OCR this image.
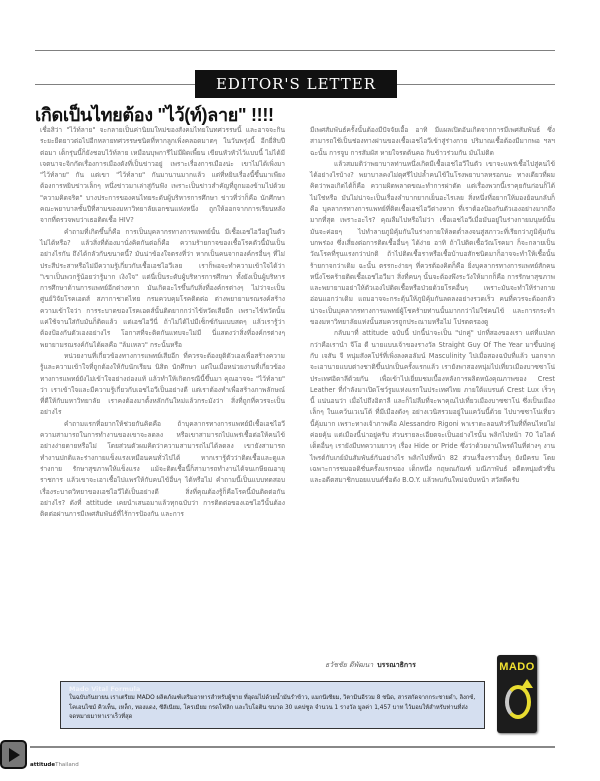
EDITOR'S LETTER
เกิดเป็นไทยต้อง "ไว้(ท์)ลาย" !!!!

เชื่อสิว่า "ไว้ท์ลาย" จะกลายเป็นค่านิยมใหม่ของสังคมไทยในทศวรรษนี้ และอาจจะกินระยะยืดยาวต่อไปอีกหลายทศวรรษชนิดที่หากลูกเพิ่งคลอดมาตๆ ในวันพรุ่งนี้ อีกยี่สิบปีต่อมา เด็กรุ่นนี้ก็ยังชอบไว้ท์ลาย เหมือนบุพการีไม่มีผิดเพี้ยน เขียนหัวหัวไว้แบบนี้ ไม่ได้มีเจตนาจะจิกกัดเรื่องการเมืองดังที่เป็นข่าวอยู่ เพราะเรื่องการเมืองน่ะ เขาไม่ได้เพิ่งมา "ไว้ท์ลาย" กัน แต่เขา "ไว้ท์ลาย" กันมานานมากแล้ว แต่ที่หยิบเรื่องนี้ขึ้นมาเพียงต้องการหยิบข่าวเล็กๆ หนึ่งข่าวมาเล่าสู่กันฟัง เพราะเป็นข่าวสำคัญที่ถูกมองข้ามไปด้วย "ความคิดจริต" บางประการของคนไทยระดับผู้บริหารการศึกษา ข่าวที่ว่าก็คือ นักศึกษาคณะพยาบาลชั้นปีที่สามของมหาวิทยาลัยเอกชนแห่งหนึ่ง ถูกให้ออกจากการเรียนหลังจากที่ตรวจพบว่าเธอติดเชื้อ HIV?

คำถามที่เกิดขึ้นก็คือ การเป็นบุคลากรทางการแพทย์นั้น มีเชื้อเอชไอวีอยู่ในตัวไม่ได้หรือ? แล้วสิ่งที่ต้องมานั่งคิดกันต่อก็คือ ความร้ายกาจของเชื้อโรคตัวนี้มันเป็นอย่างไรกัน ถึงได้กลัวกันขนาดนี้? มันน่าข้องใจตรงที่ว่า หากเป็นคนจากองค์กรอื่นๆ ที่ไม่ประสีประสาหรือไม่มีความรู้เกี่ยวกับเชื้อเอชไอวีเลย เราก็พอจะทำความเข้าใจได้ว่า "เขาเป็นพวกรู้น้อยว่ารู้มาก เงิงใจ" แต่นี่เป็นระดับผู้บริหารการศึกษา ทั้งยังเป็นผู้บริหารการศึกษาด้านการแพทย์อีกต่างหาก มันเกิดอะไรขึ้นกับสิ่งที่องค์กรต่างๆ ไม่ว่าจะเป็นศูนย์วิจัยโรคเอดส์ สภากาชาดไทย กรมควบคุมโรคติดต่อ ต่างพยายามรณรงค์สร้างความเข้าใจว่า การระบาดของโรคเอดส์นั้นติดยากกว่าไข้หวัดเสียอีก เพราะไข้หวัดนั้นแค่ใช้จานใส่กับมันก็ติดแล้ว แต่เอชไอวีนี่ ถ้าไม่ได้ไปมีเซ็กซ์กันแบบสดๆ แล้วเรารู้ว่าต้องป้องกันตัวเองอย่างไร โอกาสที่จะติดกันแทบจะไม่มี นี่แสดงว่าสิ่งที่องค์กรต่างๆ พยายามรณรงค์กันได้ผลคือ "ล้มเหลว" กระนั้นหรือ

หน่วยงานที่เกี่ยวข้องทางการแพทย์เสียอีก ที่ควรจะต้องยุติตัวเองเพื่อสร้างความรู้และความเข้าใจที่ถูกต้องให้กับนักเรียน นิสิต นักศึกษา แต่ในเมื่อหน่วยงานที่เกี่ยวข้องทางการแพทย์ยังไม่เข้าใจอย่างถ่องแท้ แล้วทำให้เกิดกรณีนี้ขึ้นมา คุณอาจจะ "ไว้ท์ลาย" ว่า เราเข้าใจและมีความรู้เกี่ยวกับเอชไอวีเป็นอย่างดี แต่เราต้องทำเพื่อสร้างภาพลักษณ์ที่ดีให้กับมหาวิทยาลัย เราคงต้องมาตั้งหลักกันใหม่แล้วกระมังว่า สิ่งที่ถูกที่ควรจะเป็นอย่างไร

คำถามแรกที่อยากให้ช่วยกันคิดคือ ถ้าบุคลากรทางการแพทย์มีเชื้อเอชไอวี ความสามารถในการทำงานของเขาจะลดลง หรือเขาสามารถไปแพร่เชื้อต่อให้คนไข้อย่างง่ายดายหรือไม่ โดยส่วนตัวผมคิดว่าความสามารถไม่ได้ลดลง เขายังสามารถทำงานปกติและร่างกายแข็งแรงเหมือนคนทั่วไปได้ หากเรารู้ตัวว่าติดเชื้อและดูแลร่างกาย รักษาสุขภาพให้แข็งแรง แม้จะติดเชื้อนี้ก็สามารถทำงานได้จนเกษียณอายุราชการ แล้วเขาจะเอาเชื้อไปแพร่ให้กับคนไข้อื่นๆ ได้หรือไม่ คำถามนี้เป็นแบบทดสอบเรื่องระบาดวิทยาของเอชไอวีได้เป็นอย่างดี สิ่งที่คุณต้องรู้ก็คือโรคนี้มันติดต่อกันอย่างไร? ดังที่ attitude เคยนำเสนอมาแล้วทุกฉบับว่า การติดต่อของเอชไอวีนั้นต้องติดต่อผ่านการมีเพศสัมพันธ์ที่ไร้การป้องกัน และการ

มีเพศสัมพันธ์ครั้งนั้นต้องมีปัจจัยเอื้อ อาทิ มีแผลเปิดอันเกิดจากการมีเพศสัมพันธ์ ซึ่งสามารถใช้เป็นช่องทางผ่านของเชื้อเอชไอวีเข้าสู่ร่างกาย ปริมาณเชื้อต้องมีมากพอ ฯลฯ ฉะนั้น การจูบ การสัมผัส หายใจรดต้นคอ กินข้าวร่วมกัน มันไม่ติด

แล้วสมมติว่าพยาบาลท่านหนึ่งเกิดมีเชื้อเอชไอวีในตัว เขาจะแพร่เชื้อไปสู่คนไข้ได้อย่างไรบ้าง? พยาบาลคงไม่ดุศรีไปปล้ำคนไข้ในโรงพยาบาลหรอกนะ ทางเดียวที่ผมคิดว่าพอเกิดได้ก็คือ ความผิดพลาดขณะทำการผ่าตัด แต่เรื่องพวกนี้เราคุยกันก่อนก็ได้ ไม่ใช่หรือ มันไม่น่าจะเป็นเรื่องลำบากยากเย็นอะไรเลย สิ่งหนึ่งที่อยากให้มองย้อนกลับก็คือ บุคลากรทางการแพทย์ที่ติดเชื้อเอชไอวีต่างหาก ที่เราต้องป้องกันตัวเองอย่างมากถึงมากที่สุด เพราะอะไร? คุณลืมไปหรือไม่ว่า เชื้อเอชไอวีเมื่อมันอยู่ในร่างกายมนุษย์นั้น มันจะค่อยๆ ไปทำลายภูมิคุ้มกันในร่างกายให้ลดต่ำลงจนสู่สภาวะที่เรียกว่าภูมิคุ้มกันบกพร่อง ซึ่งเสี่ยงต่อการติดเชื้ออื่นๆ ได้ง่าย อาทิ ถ้าไปติดเชื้อวัณโรคมา ก็จะกลายเป็นวัณโรคที่รุนแรงกว่าปกติ ถ้าไปติดเชื้อราหรือเชื้อบ้าบอสักชนิดมาก็อาจจะทำให้เชื้อนั้นร้ายกาจกว่าเดิม ฉะนั้น ตรรกะง่ายๆ ที่ควรต้องคิดก็คือ ยิ่งบุคลากรทางการแพทย์สักคนหนึ่งโชคร้ายติดเชื้อเอชไอวีมา สิ่งที่คนๆ นั้นจะต้องพึงระวังให้มากก็คือ การรักษาสุขภาพ และพยายามอย่าให้ตัวเองไปติดเชื้อหรือป่วยด้วยโรคอื่นๆ เพราะมันจะทำให้ร่างกายอ่อนแอกว่าเดิม แถมอาจจะกระตุ้นให้ภูมิคุ้มกันลดลงอย่างรวดเร็ว คนที่ควรจะต้องกลัวน่าจะเป็นบุคลากรทางการแพทย์ผู้โชคร้ายท่านนั้นมากกว่าไม่ใช่คนไข้ และการกระทำของมหาวิทยาลัยแห่งนั้นสมควรถูกประณามหรือไม่ โปรดตรองดู

กลับมาที่ attitude ฉบับนี้ ปกนี้น่าจะเป็น "ปกคู่" ปกที่สองของเรา แต่ที่แปลกกว่าคือเรานำ จีโอ ดี นายแบบเจ้าของรางวัล Straight Guy Of The Year มาขึ้นปกคู่กับ เจสัน จี หนุ่มสังคโปร์ที่เพิ่งลงคอลัมน์ Masculinity ไปเมื่อสองฉบับที่แล้ว นอกจากจะเอานายแบบต่างชาติขึ้นปกเป็นครั้งแรกแล้ว เรายังพาสองหนุ่มไปเที่ยวเมืองบาซซาโน่ ประเทศอิตาลีด้วยกัน เพื่อเข้าไปเยี่ยมชมเบื้องหลังการผลิตหนังคุณภาพของ Crest Leather ที่กำลังมาเปิดโชว์รูมแห่งแรกในประเทศไทย ภายใต้แบรนด์ Crest Lux เร็วๆ นี้ แน่นอนว่า เมื่อไปถึงอิตาลี และก็ไม่ลืมที่จะพาคุณไปเที่ยวเมืองบาซซาโน่ ซึ่งเป็นเมืองเล็กๆ ในแคว้นเวเนโต้ ที่มีเมืองดังๆ อย่างเวนิสรวมอยู่ในแคว้นนี้ด้วย ไปบาซซาโน่เที่ยวนี้คุ้มมาก เพราะทางเจ้าภาพคือ Alessandro Rigoni พาเราตะลอนทัวร์ในที่ที่คนไทยไม่ค่อยคุ้น แต่เมืองนี้น่าอยู่ครับ ส่วนรายละเอียดจะเป็นอย่างไรนั้น พลิกไปหน้า 70 ไอไลต์เด็ดอื่นๆ เรายังมีบทความยาวๆ เรื่อง Hide or Pride ซึ่งว่าด้วยงานไพรด์ในที่ต่างๆ งานไพรด์กับเกย์มันสัมพันธ์กันอย่างไร พลิกไปที่หน้า 82 ส่วนเรื่องราวอื่นๆ ยังมีครบ โดยเฉพาะการชมออดิชั่นครั้งแรกของ เด็กหนึ่ง กฤษณภัณฑ์ มณีภาพันธ์ อดีตหนุ่มตัวซึ่นและอดีตสมาชิกบอยแบนด์ชื่อดัง B.O.Y. แล้วพบกันใหม่ฉบับหน้า สวัสดีครับ

ธวัชชัย ดีพัฒนา บรรณาธิการ
Mado Vital Formula
ในฉบับกันยายน เราเตรียม MADO ผลิตภัณฑ์เสริมอาหารสำหรับผู้ชาย ที่อุดมไปด้วยน้ำมันรำข้าว, แมกนีเซียม, วิตามินอีรวม 8 ชนิด, สารสกัดจากกระชายดำ, ลิงกซ์, โคเอนไซม์ คิวเท็น, เหล็ก, ทองแดง, ซีลีเนียม, โครเมียม กรดโฟลิก และไบโอติน ขนาด 30 แคปซูล จำนวน 1 รางวัล มูลค่า 1,457 บาท ไว้มอบให้สำหรับท่านที่ส่งจดหมายมาหาเราเร็วที่สุด
MADO
attitudeThailand
